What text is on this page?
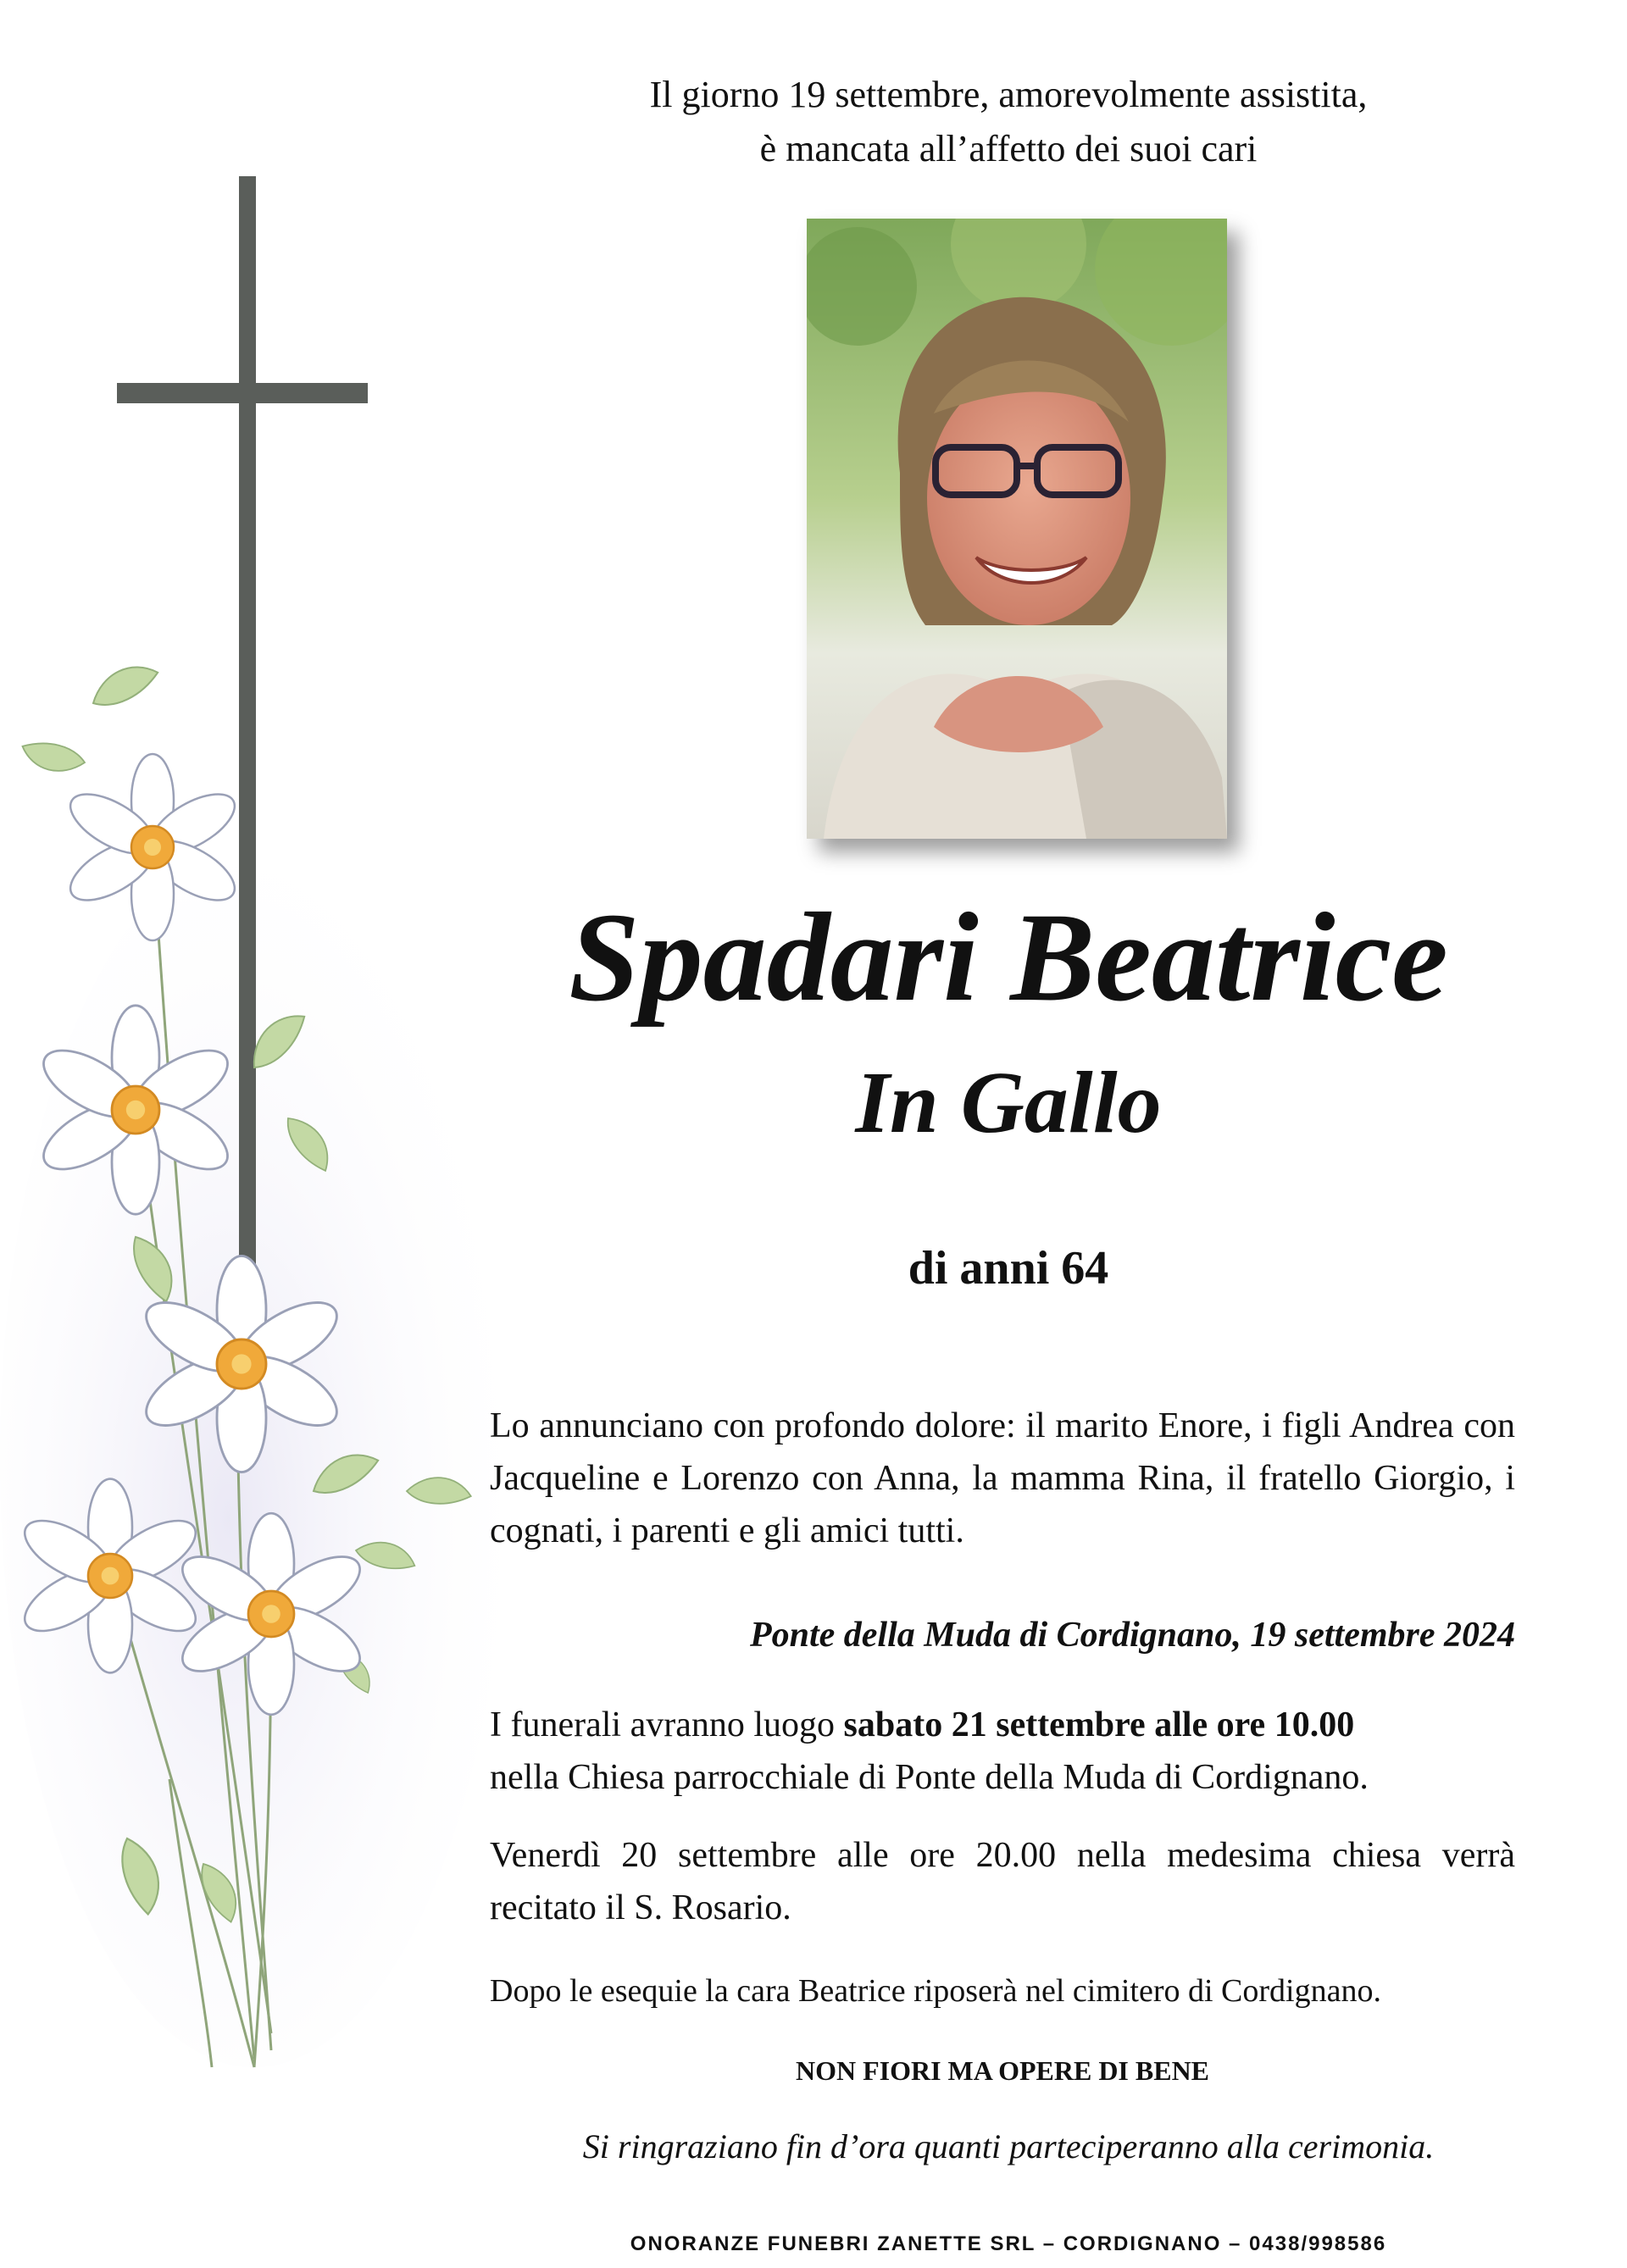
Il giorno 19 settembre, amorevolmente assistita,
è mancata all’affetto dei suoi cari
Spadari Beatrice
In Gallo
di anni 64
Lo annunciano con profondo dolore: il marito Enore, i figli Andrea con Jacqueline e Lorenzo con Anna, la mamma Rina, il fratello Giorgio, i cognati, i parenti e gli amici tutti.
Ponte della Muda di Cordignano, 19 settembre 2024
I funerali avranno luogo sabato 21 settembre alle ore 10.00
nella Chiesa parrocchiale di Ponte della Muda di Cordignano.
Venerdì 20 settembre alle ore 20.00 nella medesima chiesa verrà recitato il S. Rosario.
Dopo le esequie la cara Beatrice riposerà nel cimitero di Cordignano.
NON FIORI MA OPERE DI BENE
Si ringraziano fin d’ora quanti parteciperanno alla cerimonia.
ONORANZE FUNEBRI ZANETTE SRL – CORDIGNANO – 0438/998586
